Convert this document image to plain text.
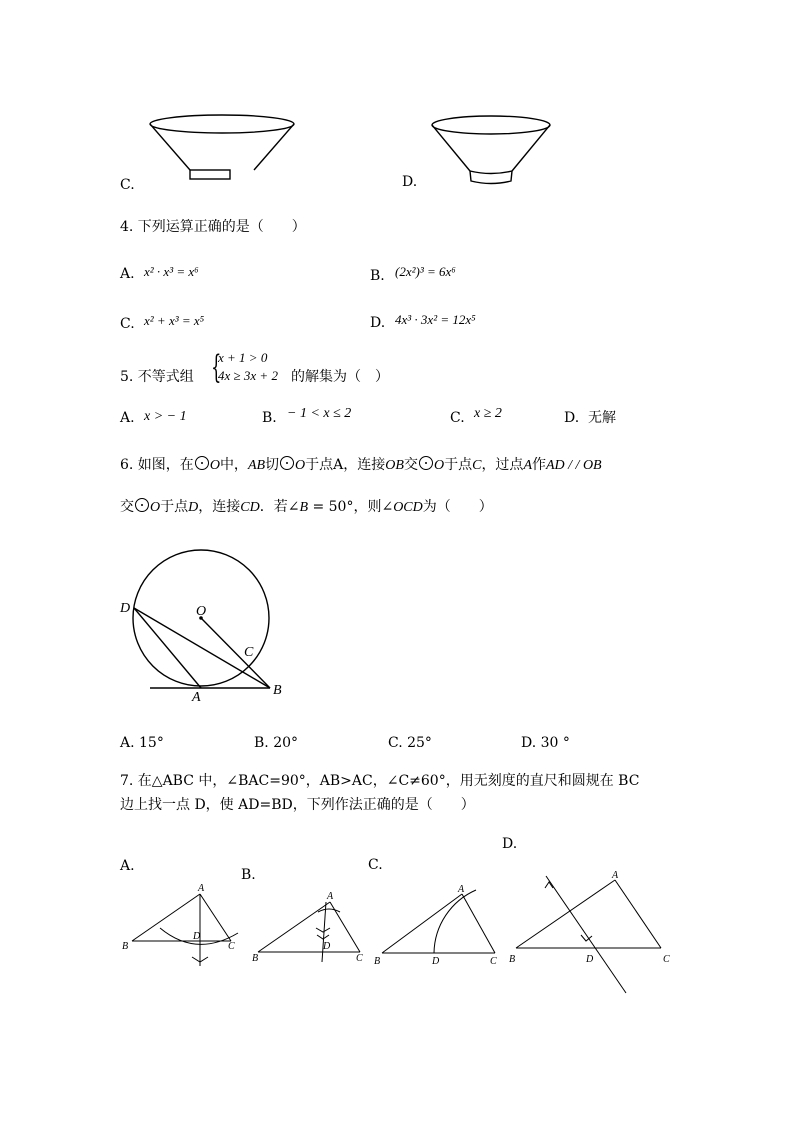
C.	D.
4. 下列运算正确的是（　　）
A. x² · x³ = x⁶	B. (2x²)³ = 6x⁶
C. x² + x³ = x⁵	D. 4x³ · 3x² = 12x⁵
5. 不等式组 {
x + 1 > 0
4x ≥ 3x + 2 的解集为（　）
A. x > − 1	B. − 1 < x ≤ 2	C. x ≥ 2	D. 无解
6. 如图，在 O中，AB切 O于点A，连接OB交 O于点C，过点A作AD / / OB
交 O于点D，连接CD．若∠B = 50°，则∠OCD为（　　）
D	O
C
A	B
A. 15°	B. 20°	C. 25°	D. 30 °
7. 在△ABC 中，∠BAC=90°，AB>AC，∠C≠60°，用无刻度的直尺和圆规在 BC
边上找一点 D，使 AD=BD，下列作法正确的是（　　）
D.
A.
B.
C.
A
B
D
C
A
B
D
C
A
B	D	C
A
B	D	C
